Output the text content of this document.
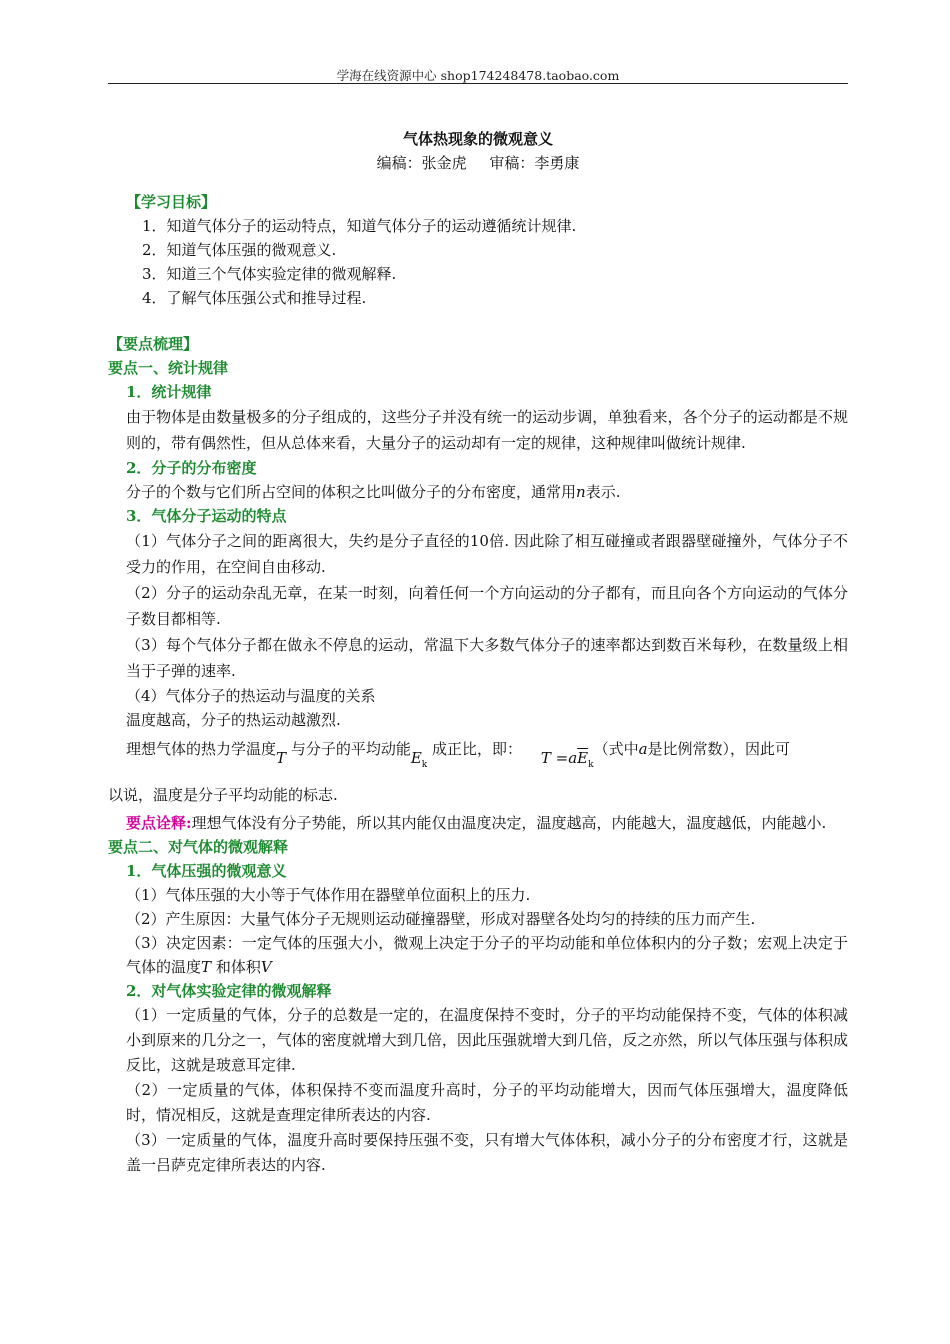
学海在线资源中心 shop174248478.taobao.com
气体热现象的微观意义
编稿：张金虎 审稿：李勇康

【学习目标】

1．知道气体分子的运动特点，知道气体分子的运动遵循统计规律.

2．知道气体压强的微观意义.

3．知道三个气体实验定律的微观解释.

4．了解气体压强公式和推导过程.

【要点梳理】

要点一、统计规律

1．统计规律

由于物体是由数量极多的分子组成的，这些分子并没有统一的运动步调，单独看来，各个分子的运动都是不规则的，带有偶然性，但从总体来看，大量分子的运动却有一定的规律，这种规律叫做统计规律.

2．分子的分布密度

分子的个数与它们所占空间的体积之比叫做分子的分布密度，通常用n表示.

3．气体分子运动的特点

（1）气体分子之间的距离很大，失约是分子直径的10倍. 因此除了相互碰撞或者跟器壁碰撞外，气体分子不受力的作用，在空间自由移动.

（2）分子的运动杂乱无章，在某一时刻，向着任何一个方向运动的分子都有，而且向各个方向运动的气体分子数目都相等.

（3）每个气体分子都在做永不停息的运动，常温下大多数气体分子的速率都达到数百米每秒，在数量级上相当于子弹的速率.

（4）气体分子的热运动与温度的关系

温度越高，分子的热运动越激烈.

理想气体的热力学温度T 与分子的平均动能$E_k$ 成正比，即： $T =a\overline{E}_k$（式中a是比例常数），因此可

以说，温度是分子平均动能的标志.

要点诠释:理想气体没有分子势能，所以其内能仅由温度决定，温度越高，内能越大，温度越低，内能越小.

要点二、对气体的微观解释

1．气体压强的微观意义

（1）气体压强的大小等于气体作用在器壁单位面积上的压力.

（2）产生原因：大量气体分子无规则运动碰撞器壁，形成对器壁各处均匀的持续的压力而产生.

（3）决定因素：一定气体的压强大小，微观上决定于分子的平均动能和单位体积内的分子数；宏观上决定于气体的温度T 和体积V

2．对气体实验定律的微观解释

（1）一定质量的气体，分子的总数是一定的，在温度保持不变时，分子的平均动能保持不变，气体的体积减小到原来的几分之一，气体的密度就增大到几倍，因此压强就增大到几倍，反之亦然，所以气体压强与体积成反比，这就是玻意耳定律.

（2）一定质量的气体，体积保持不变而温度升高时，分子的平均动能增大，因而气体压强增大，温度降低时，情况相反，这就是查理定律所表达的内容.

（3）一定质量的气体，温度升高时要保持压强不变，只有增大气体体积，减小分子的分布密度才行，这就是盖一吕萨克定律所表达的内容.
